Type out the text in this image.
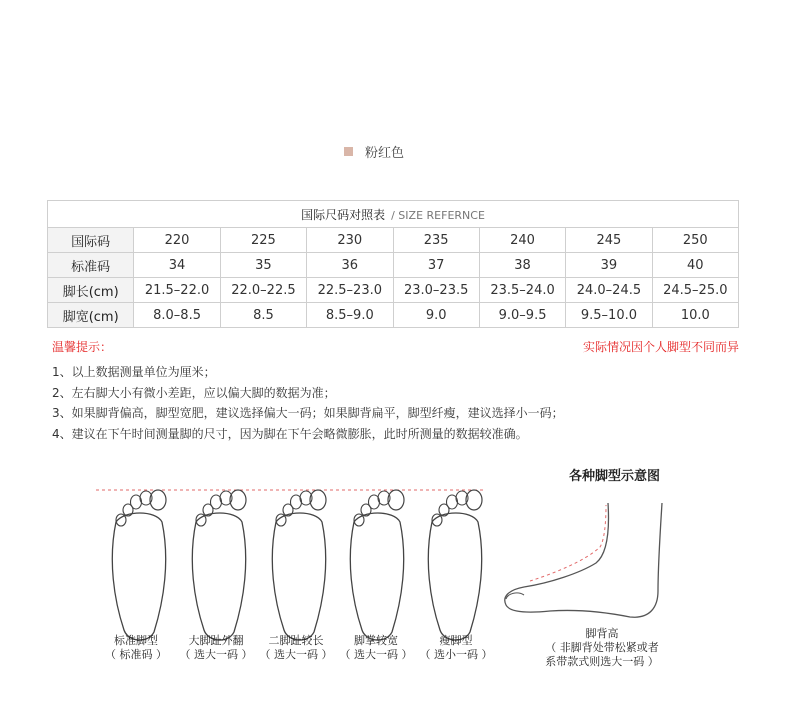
粉红色
国际尺码对照表 / SIZE REFERNCE							
国际码	220	225	230	235	240	245	250
标准码	34	35	36	37	38	39	40
脚长(cm)	21.5–22.0	22.0–22.5	22.5–23.0	23.0–23.5	23.5–24.0	24.0–24.5	24.5–25.0
脚宽(cm)	8.0–8.5	8.5	8.5–9.0	9.0	9.0–9.5	9.5–10.0	10.0
温馨提示：	实际情况因个人脚型不同而异
1、以上数据测量单位为厘米；
2、左右脚大小有微小差距，应以偏大脚的数据为准；
3、如果脚背偏高，脚型宽肥，建议选择偏大一码；如果脚背扁平，脚型纤瘦，建议选择小一码；
4、建议在下午时间测量脚的尺寸，因为脚在下午会略微膨胀，此时所测量的数据较准确。
标准脚型
（ 标准码 ）
大脚趾外翻
（ 选大一码 ）
二脚趾较长
（ 选大一码 ）
脚掌较宽
（ 选大一码 ）
瘦脚型
（ 选小一码 ）
各种脚型示意图
脚背高
（ 非脚背处带松紧或者
系带款式则选大一码 ）
